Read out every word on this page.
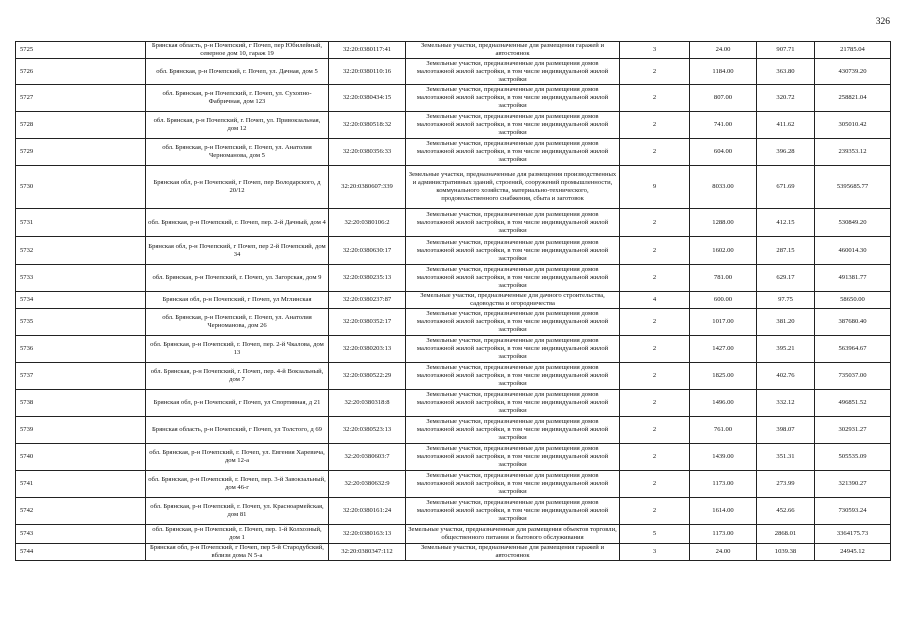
326
5725	Брянская область, р-н Почепский, г Почеп, пер Юбилейный, северное дом 10, гараж 19	32:20:0380117:41	Земельные участки, предназначенные для размещения гаражей и автостоянок	3	24.00	907.71	21785.04
5726	обл. Брянская, р-н Почепский, г. Почеп, ул. Дачная, дом 5	32:20:0380110:16	Земельные участки, предназначенные для размещения домов малоэтажной жилой застройки, в том числе индивидуальной жилой застройки	2	1184.00	363.80	430739.20
5727	обл. Брянская, р-н Почепский, г. Почеп, ул. Сухопно-Фабричная, дом 123	32:20:0380434:15	Земельные участки, предназначенные для размещения домов малоэтажной жилой застройки, в том числе индивидуальной жилой застройки	2	807.00	320.72	258821.04
5728	обл. Брянская, р-н Почепский, г. Почеп, ул. Привокзальная, дом 12	32:20:0380518:32	Земельные участки, предназначенные для размещения домов малоэтажной жилой застройки, в том числе индивидуальной жилой застройки	2	741.00	411.62	305010.42
5729	обл. Брянская, р-н Почепский, г. Почеп, ул. Анатолия Черноманова, дом 5	32:20:0380356:33	Земельные участки, предназначенные для размещения домов малоэтажной жилой застройки, в том числе индивидуальной жилой застройки	2	604.00	396.28	239353.12
5730	Брянская обл, р-н Почепский, г Почеп, пер Володарского, д 20/12	32:20:0380607:339	Земельные участки, предназначенные для размещения производственных и административных зданий, строений, сооружений промышленности, коммунального хозяйства, материально-технического, продовольственного снабжения, сбыта и заготовок	9	8033.00	671.69	5395685.77
5731	обл. Брянская, р-н Почепский, г. Почеп, пер. 2-й Дачный, дом 4	32:20:0380106:2	Земельные участки, предназначенные для размещения домов малоэтажной жилой застройки, в том числе индивидуальной жилой застройки	2	1288.00	412.15	530849.20
5732	Брянская обл, р-н Почепский, г Почеп, пер 2-й Почепский, дом 34	32:20:0380630:17	Земельные участки, предназначенные для размещения домов малоэтажной жилой застройки, в том числе индивидуальной жилой застройки	2	1602.00	287.15	460014.30
5733	обл. Брянская, р-н Почепский, г. Почеп, ул. Загорская, дом 9	32:20:0380235:13	Земельные участки, предназначенные для размещения домов малоэтажной жилой застройки, в том числе индивидуальной жилой застройки	2	781.00	629.17	491381.77
5734	Брянская обл, р-н Почепский, г Почеп, ул Мглинская	32:20:0380237:87	Земельные участки, предназначенные для дачного строительства, садоводства и огородничества	4	600.00	97.75	58650.00
5735	обл. Брянская, р-н Почепский, г. Почеп, ул. Анатолия Черноманова, дом 26	32:20:0380352:17	Земельные участки, предназначенные для размещения домов малоэтажной жилой застройки, в том числе индивидуальной жилой застройки	2	1017.00	381.20	387680.40
5736	обл. Брянская, р-н Почепский, г. Почеп, пер. 2-й Чкалова, дом 13	32:20:0380203:13	Земельные участки, предназначенные для размещения домов малоэтажной жилой застройки, в том числе индивидуальной жилой застройки	2	1427.00	395.21	563964.67
5737	обл. Брянская, р-н Почепский, г. Почеп, пер. 4-й Вокзальный, дом 7	32:20:0380522:29	Земельные участки, предназначенные для размещения домов малоэтажной жилой застройки, в том числе индивидуальной жилой застройки	2	1825.00	402.76	735037.00
5738	Брянская обл, р-н Почепский, г Почеп, ул Спортивная, д 21	32:20:0380318:8	Земельные участки, предназначенные для размещения домов малоэтажной жилой застройки, в том числе индивидуальной жилой застройки	2	1496.00	332.12	496851.52
5739	Брянская область, р-н Почепский, г Почеп, ул Толстого, д 69	32:20:0380523:13	Земельные участки, предназначенные для размещения домов малоэтажной жилой застройки, в том числе индивидуальной жилой застройки	2	761.00	398.07	302931.27
5740	обл. Брянская, р-н Почепский, г. Почеп, ул. Евгения Харевича, дом 12-а	32:20:0380603:7	Земельные участки, предназначенные для размещения домов малоэтажной жилой застройки, в том числе индивидуальной жилой застройки	2	1439.00	351.31	505535.09
5741	обл. Брянская, р-н Почепский, г. Почеп, пер. 3-й Завокзальный, дом 46-г	32:20:0380632:9	Земельные участки, предназначенные для размещения домов малоэтажной жилой застройки, в том числе индивидуальной жилой застройки	2	1173.00	273.99	321390.27
5742	обл. Брянская, р-н Почепский, г. Почеп, ул. Красноармейская, дом 81	32:20:0380161:24	Земельные участки, предназначенные для размещения домов малоэтажной жилой застройки, в том числе индивидуальной жилой застройки	2	1614.00	452.66	730593.24
5743	обл. Брянская, р-н Почепский, г. Почеп, пер. 1-й Колхозный, дом 1	32:20:0380163:13	Земельные участки, предназначенные для размещения объектов торговли, общественного питания и бытового обслуживания	5	1173.00	2868.01	3364175.73
5744	Брянская обл, р-н Почепский, г Почеп, пер 5-й Стародубский, вблизи дома N 5-а	32:20:0380347:112	Земельные участки, предназначенные для размещения гаражей и автостоянок	3	24.00	1039.38	24945.12
